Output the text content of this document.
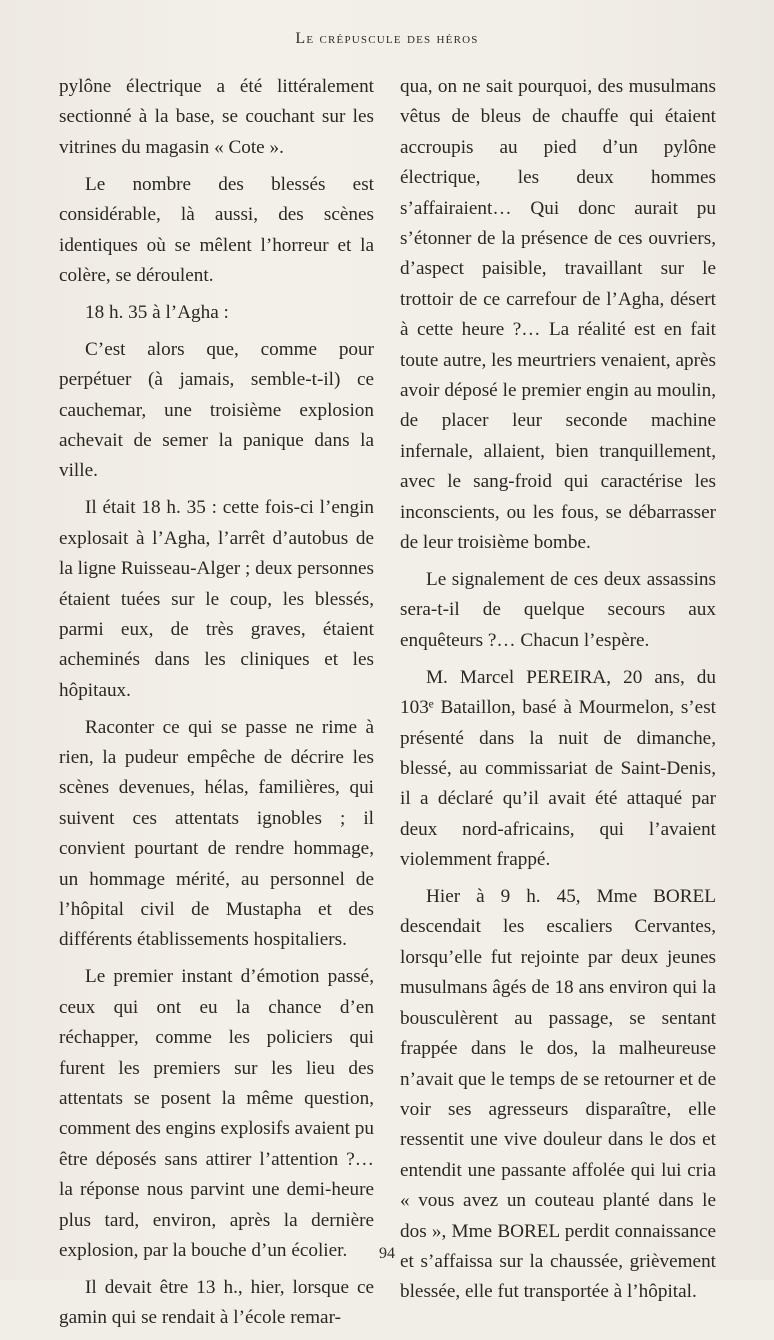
Le crépuscule des héros

pylône électrique a été littéralement sectionné à la base, se couchant sur les vitrines du magasin « Cote ».

Le nombre des blessés est considérable, là aussi, des scènes identiques où se mêlent l’horreur et la colère, se déroulent.

18 h. 35 à l’Agha :

C’est alors que, comme pour perpétuer (à jamais, semble-t-il) ce cauchemar, une troisième explosion achevait de semer la panique dans la ville.

Il était 18 h. 35 : cette fois-ci l’engin explosait à l’Agha, l’arrêt d’autobus de la ligne Ruisseau-Alger ; deux personnes étaient tuées sur le coup, les blessés, parmi eux, de très graves, étaient acheminés dans les cliniques et les hôpitaux.

Raconter ce qui se passe ne rime à rien, la pudeur empêche de décrire les scènes devenues, hélas, familières, qui suivent ces attentats ignobles ; il convient pourtant de rendre hommage, un hommage mérité, au personnel de l’hôpital civil de Mustapha et des différents établissements hospitaliers.

Le premier instant d’émotion passé, ceux qui ont eu la chance d’en réchapper, comme les policiers qui furent les premiers sur les lieu des attentats se posent la même question, comment des engins explosifs avaient pu être déposés sans attirer l’attention ?… la réponse nous parvint une demi-heure plus tard, environ, après la dernière explosion, par la bouche d’un écolier.

Il devait être 13 h., hier, lorsque ce gamin qui se rendait à l’école remar-

qua, on ne sait pourquoi, des musulmans vêtus de bleus de chauffe qui étaient accroupis au pied d’un pylône électrique, les deux hommes s’affairaient… Qui donc aurait pu s’étonner de la présence de ces ouvriers, d’aspect paisible, travaillant sur le trottoir de ce carrefour de l’Agha, désert à cette heure ?… La réalité est en fait toute autre, les meurtriers venaient, après avoir déposé le premier engin au moulin, de placer leur seconde machine infernale, allaient, bien tranquillement, avec le sang-froid qui caractérise les inconscients, ou les fous, se débarrasser de leur troisième bombe.

Le signalement de ces deux assassins sera-t-il de quelque secours aux enquêteurs ?… Chacun l’espère.

M. Marcel PEREIRA, 20 ans, du 103ᵉ Bataillon, basé à Mourmelon, s’est présenté dans la nuit de dimanche, blessé, au commissariat de Saint-Denis, il a déclaré qu’il avait été attaqué par deux nord-africains, qui l’avaient violemment frappé.

Hier à 9 h. 45, Mme BOREL descendait les escaliers Cervantes, lorsqu’elle fut rejointe par deux jeunes musulmans âgés de 18 ans environ qui la bousculèrent au passage, se sentant frappée dans le dos, la malheureuse n’avait que le temps de se retourner et de voir ses agresseurs disparaître, elle ressentit une vive douleur dans le dos et entendit une passante affolée qui lui cria « vous avez un couteau planté dans le dos », Mme BOREL perdit connaissance et s’affaissa sur la chaussée, grièvement blessée, elle fut transportée à l’hôpital.

94
